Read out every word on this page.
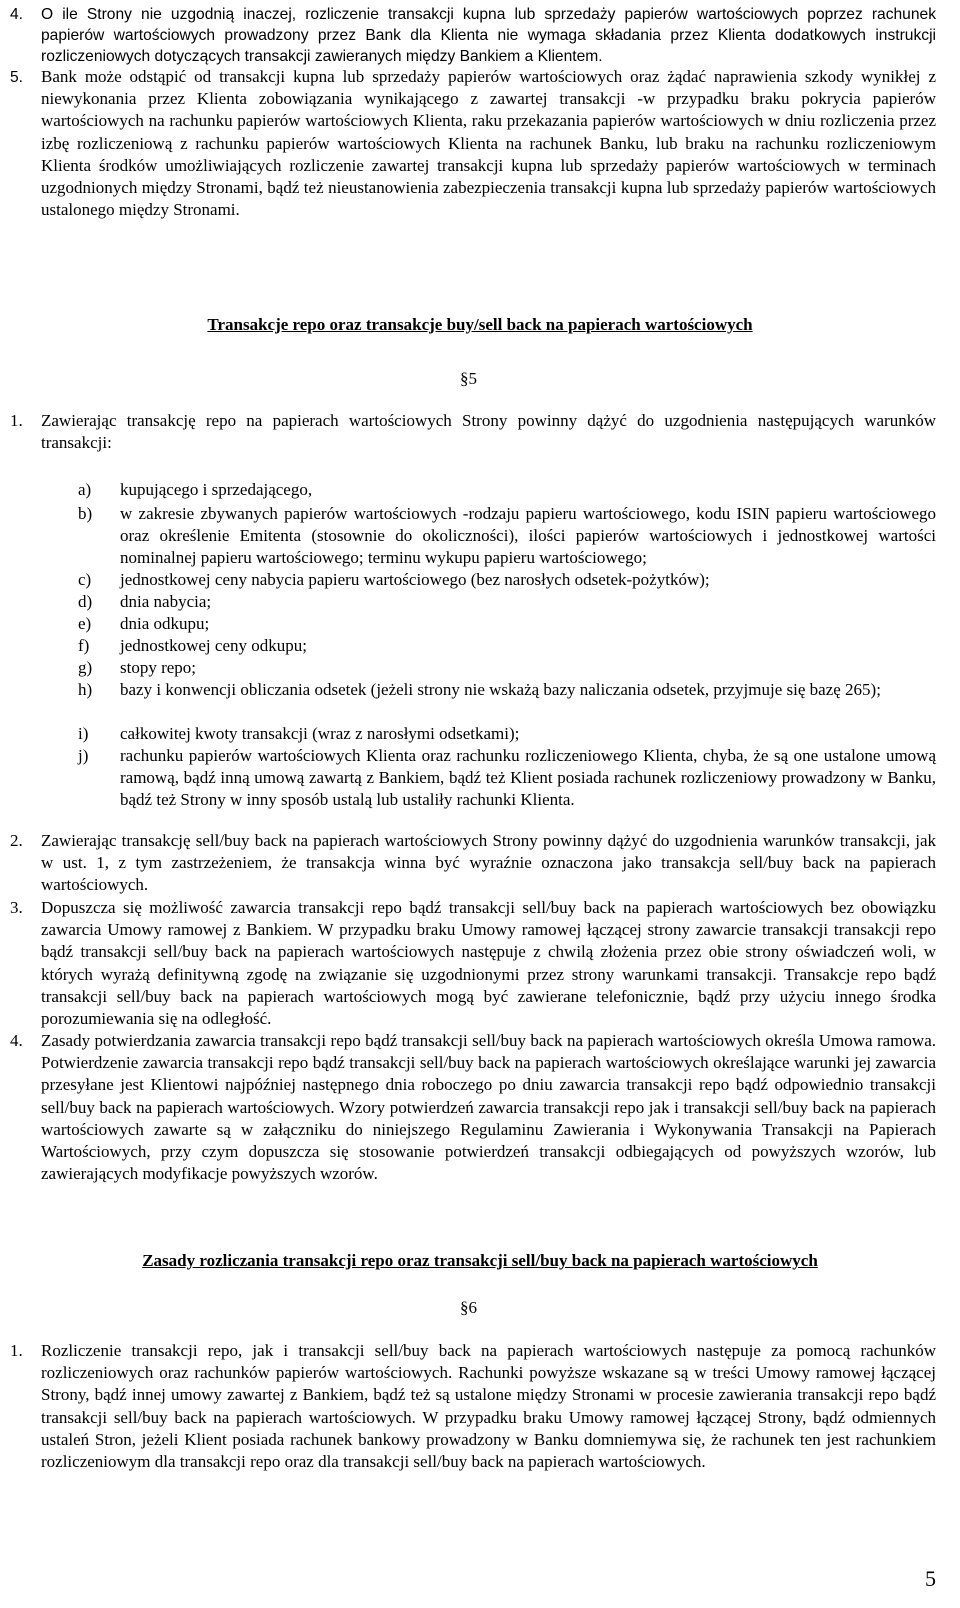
4. O ile Strony nie uzgodnią inaczej, rozliczenie transakcji kupna lub sprzedaży papierów wartościowych poprzez rachunek papierów wartościowych prowadzony przez Bank dla Klienta nie wymaga składania przez Klienta dodatkowych instrukcji rozliczeniowych dotyczących transakcji zawieranych między Bankiem a Klientem.
5. Bank może odstąpić od transakcji kupna lub sprzedaży papierów wartościowych oraz żądać naprawienia szkody wynikłej z niewykonania przez Klienta zobowiązania wynikającego z zawartej transakcji -w przypadku braku pokrycia papierów wartościowych na rachunku papierów wartościowych Klienta, raku przekazania papierów wartościowych w dniu rozliczenia przez izbę rozliczeniową z rachunku papierów wartościowych Klienta na rachunek Banku, lub braku na rachunku rozliczeniowym Klienta środków umożliwiających rozliczenie zawartej transakcji kupna lub sprzedaży papierów wartościowych w terminach uzgodnionych między Stronami, bądź też nieustanowienia zabezpieczenia transakcji kupna lub sprzedaży papierów wartościowych ustalonego między Stronami.
Transakcje repo oraz transakcje buy/sell back na papierach wartościowych
§5
1. Zawierając transakcję repo na papierach wartościowych Strony powinny dążyć do uzgodnienia następujących warunków transakcji:
a)	kupującego i sprzedającego,
b)	w zakresie zbywanych papierów wartościowych -rodzaju papieru wartościowego, kodu ISIN papieru wartościowego oraz określenie Emitenta (stosownie do okoliczności), ilości papierów wartościowych i jednostkowej wartości nominalnej papieru wartościowego; terminu wykupu papieru wartościowego;
c)	jednostkowej ceny nabycia papieru wartościowego (bez narosłych odsetek-pożytków);
d)	dnia nabycia;
e)	dnia odkupu;
f)	jednostkowej ceny odkupu;
g)	stopy repo;
h)	bazy i konwencji obliczania odsetek (jeżeli strony nie wskażą bazy naliczania odsetek, przyjmuje się bazę 265);
i)	całkowitej kwoty transakcji (wraz z narosłymi odsetkami);
j)	rachunku papierów wartościowych Klienta oraz rachunku rozliczeniowego Klienta, chyba, że są one ustalone umową ramową, bądź inną umową zawartą z Bankiem, bądź też Klient posiada rachunek rozliczeniowy prowadzony w Banku, bądź też Strony w inny sposób ustalą lub ustaliły rachunki Klienta.
2. Zawierając transakcję sell/buy back na papierach wartościowych Strony powinny dążyć do uzgodnienia warunków transakcji, jak w ust. 1, z tym zastrzeżeniem, że transakcja winna być wyraźnie oznaczona jako transakcja sell/buy back na papierach wartościowych.
3. Dopuszcza się możliwość zawarcia transakcji repo bądź transakcji sell/buy back na papierach wartościowych bez obowiązku zawarcia Umowy ramowej z Bankiem. W przypadku braku Umowy ramowej łączącej strony zawarcie transakcji transakcji repo bądź transakcji sell/buy back na papierach wartościowych następuje z chwilą złożenia przez obie strony oświadczeń woli, w których wyrażą definitywną zgodę na związanie się uzgodnionymi przez strony warunkami transakcji. Transakcje repo bądź transakcji sell/buy back na papierach wartościowych mogą być zawierane telefonicznie, bądź przy użyciu innego środka porozumiewania się na odległość.
4. Zasady potwierdzania zawarcia transakcji repo bądź transakcji sell/buy back na papierach wartościowych określa Umowa ramowa. Potwierdzenie zawarcia transakcji repo bądź transakcji sell/buy back na papierach wartościowych określające warunki jej zawarcia przesyłane jest Klientowi najpóźniej następnego dnia roboczego po dniu zawarcia transakcji repo bądź odpowiednio transakcji sell/buy back na papierach wartościowych. Wzory potwierdzeń zawarcia transakcji repo jak i transakcji sell/buy back na papierach wartościowych zawarte są w załączniku do niniejszego Regulaminu Zawierania i Wykonywania Transakcji na Papierach Wartościowych, przy czym dopuszcza się stosowanie potwierdzeń transakcji odbiegających od powyższych wzorów, lub zawierających modyfikacje powyższych wzorów.
Zasady rozliczania transakcji repo oraz transakcji sell/buy back na papierach wartościowych
§6
1. Rozliczenie transakcji repo, jak i transakcji sell/buy back na papierach wartościowych następuje za pomocą rachunków rozliczeniowych oraz rachunków papierów wartościowych. Rachunki powyższe wskazane są w treści Umowy ramowej łączącej Strony, bądź innej umowy zawartej z Bankiem, bądź też są ustalone między Stronami w procesie zawierania transakcji repo bądź transakcji sell/buy back na papierach wartościowych. W przypadku braku Umowy ramowej łączącej Strony, bądź odmiennych ustaleń Stron, jeżeli Klient posiada rachunek bankowy prowadzony w Banku domniemywa się, że rachunek ten jest rachunkiem rozliczeniowym dla transakcji repo oraz dla transakcji sell/buy back na papierach wartościowych.
5
